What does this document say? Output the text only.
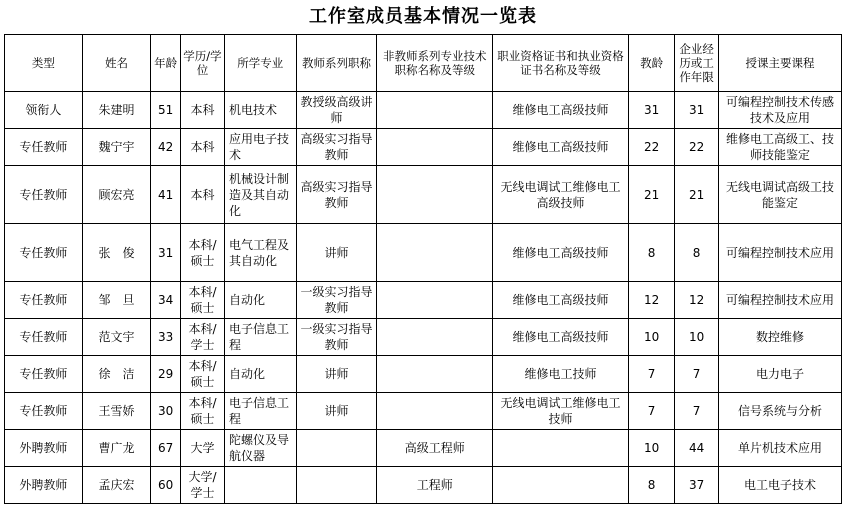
工作室成员基本情况一览表
类型	姓名	年龄	学历/学位	所学专业	教师系列职称	非教师系列专业技术职称名称及等级	职业资格证书和执业资格证书名称及等级	教龄	企业经历或工作年限	授课主要课程
领衔人	朱建明	51	本科	机电技术	教授级高级讲师		维修电工高级技师	31	31	可编程控制技术传感技术及应用
专任教师	魏宁宇	42	本科	应用电子技术	高级实习指导教师		维修电工高级技师	22	22	维修电工高级工、技师技能鉴定
专任教师	顾宏亮	41	本科	机械设计制造及其自动化	高级实习指导教师		无线电调试工维修电工高级技师	21	21	无线电调试高级工技能鉴定
专任教师	张　俊	31	本科/硕士	电气工程及其自动化	讲师		维修电工高级技师	8	8	可编程控制技术应用
专任教师	邹　旦	34	本科/硕士	自动化	一级实习指导教师		维修电工高级技师	12	12	可编程控制技术应用
专任教师	范文宇	33	本科/学士	电子信息工程	一级实习指导教师		维修电工高级技师	10	10	数控维修
专任教师	徐　洁	29	本科/硕士	自动化	讲师		维修电工技师	7	7	电力电子
专任教师	王雪娇	30	本科/硕士	电子信息工程	讲师		无线电调试工维修电工技师	7	7	信号系统与分析
外聘教师	曹广龙	67	大学	陀螺仪及导航仪器		高级工程师		10	44	单片机技术应用
外聘教师	孟庆宏	60	大学/学士			工程师		8	37	电工电子技术
